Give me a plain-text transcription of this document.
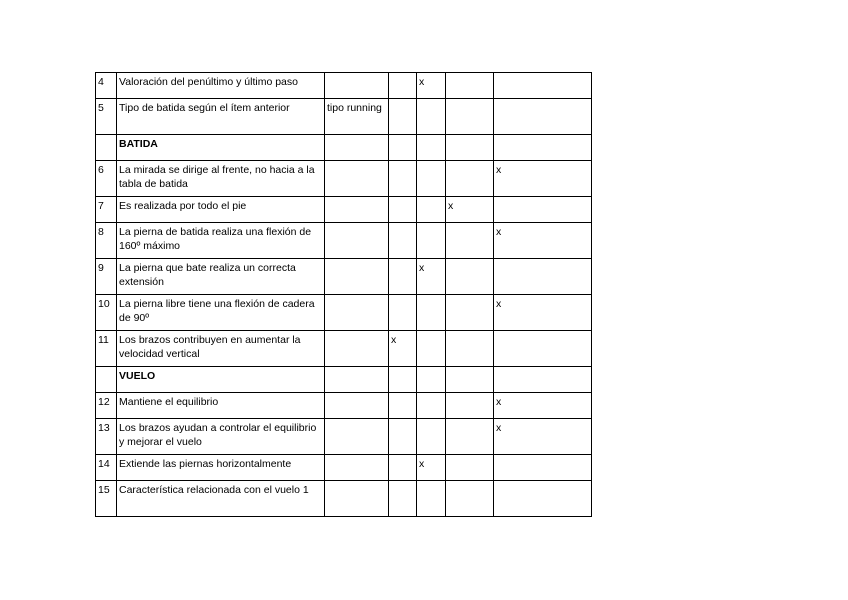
4	Valoración del penúltimo y último paso			x		
5	Tipo de batida según el ítem anterior	tipo running				
	BATIDA					
6	La mirada se dirige al frente, no hacia a la tabla de batida					x
7	Es realizada por todo el pie				x	
8	La pierna de batida realiza una flexión de 160º máximo					x
9	La pierna que bate realiza un correcta extensión			x		
10	La pierna libre tiene una flexión de cadera de 90º					x
11	Los brazos contribuyen en aumentar la velocidad vertical		x			
	VUELO					
12	Mantiene el equilibrio					x
13	Los brazos ayudan a controlar el equilibrio y mejorar el vuelo					x
14	Extiende las piernas horizontalmente			x		
15	Característica relacionada con el vuelo 1					
